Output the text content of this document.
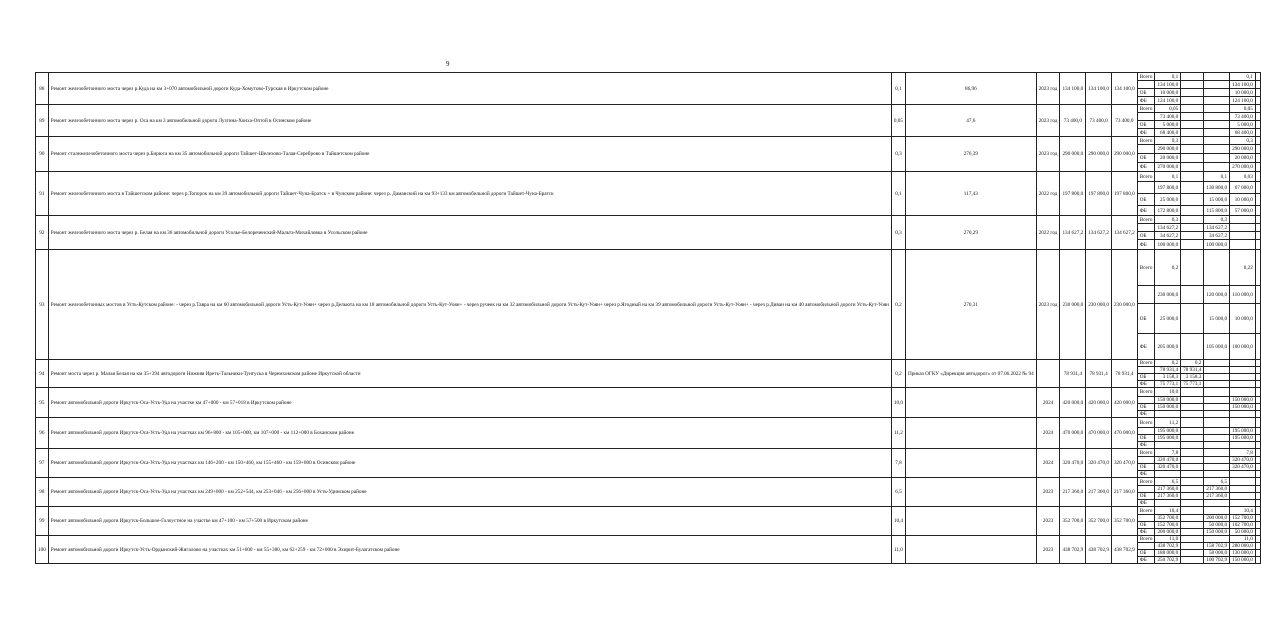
9
88	Ремонт железобетонного моста через р.Куда на км 3+070 автомобильной дороги Куда-Хомутово-Турская в Иркутском районе	0,1	86,96	2023 год	134 100,0	134 100,0	134 100,0	Всего	0,1			0,1	
									134 100,0			134 100,0	
								ОБ	10 000,0			10 000,0	
								ФБ	124 100,0			124 100,0	
89	Ремонт железобетонного моста через р. Оса на км 3 автомобильной дороги Лузгина-Хонха-Оптой в Осинском районе	0,05	47,6	2023 год	73 400,0	73 400,0	73 400,0	Всего	0,05			0,05	
									73 400,0			73 400,0	
								ОБ	5 000,0			5 000,0	
								ФБ	68 400,0			68 400,0	
90	Ремонт сталежелезобетонного моста через р.Бирюса на км 35 автомобильной дороги Тайшет-Шелехово-Талая-Сереброво в Тайшетском районе	0,3	276,39	2023 год	290 000,0	290 000,0	290 000,0	Всего	0,3			0,3	
									290 000,0			290 000,0	
								ОБ	20 000,0			20 000,0	
								ФБ	270 000,0			270 000,0	
91	Ремонт железобетонного моста в Тайшетском районе: через р.Топорок на км 39 автомобильной дороги Тайшет-Чуна-Братск + в Чунском районе: через р. Даманский на км 93+133 км автомобильной дороги Тайшет-Чуна-Братск	0,1	117,43	2022 год	197 800,0	197 800,0	197 800,0	Всего	0,1		0,1	0,03	
									197 800,0		130 800,0	67 000,0	
								ОБ	25 000,0		15 000,0	10 000,0	
								ФБ	172 800,0		115 800,0	57 000,0	
92	Ремонт железобетонного моста через р. Белая на км 36 автомобильной дороги Усолье-Белореченский-Мальта-Михайловка в Усольском районе	0,3	270,29	2022 год	134 627,2	134 627,2	134 627,2	Всего	0,3		0,3		
									134 627,2		134 627,2		
								ОБ	34 627,2		34 627,2		
								ФБ	100 000,0		100 000,0		
93	Ремонт железобетонных мостов в Усть-Кутском районе: - через р.Тавра на км 60 автомобильной дороги Усть-Кут-Уоян+ через р.Дельюта на км 18 автомобильной дороги Усть-Кут-Уоян+ - через ручеек на км 32 автомобильной дороги Усть-Кут-Уоян+ через р.Ягодный на км 39 автомобильной дороги Усть-Кут-Уоян+ - через р.Диван на км 40 автомобильной дороги Усть-Кут-Уоян	0,2	270,31	2023 год	230 000,0	230 000,0	230 000,0	Всего	0,2			0,22	
									230 000,0		120 000,0	110 000,0	
								ОБ	25 000,0		15 000,0	10 000,0	
								ФБ	205 000,0		105 000,0	100 000,0	
94	Ремонт моста через р. Малая Белая на км 35+394 автодороги Нижняя Иреть-Тальники-Тунгуска в Черемховском районе Иркутской области	0,2	Приказ ОГКУ «Дирекция автодорог» от 07.06.2022 № 94		78 931,4	78 931,4	78 931,4	Всего	0,2	0,2			
									78 931,4	78 931,4			
								ОБ	3 158,3	3 158,3			
								ФБ	75 773,1	75 773,1			
95	Ремонт автомобильной дороги Иркутск-Оса-Усть-Уда на участке км 47+000 - км 57+018 в Иркутском районе	10,0		2024	420 000,0	420 000,0	420 000,0	Всего	10,0				
									150 000,0			150 000,0	
								ОБ	150 000,0			150 000,0	
								ФБ					
96	Ремонт автомобильной дороги Иркутск-Оса-Усть-Уда на участках км 96+800 - км 105+000, км 107+000 - км 112+000 в Боханском районе	11,2		2024	470 000,0	470 000,0	470 000,0	Всего	11,2				
									195 000,0			195 000,0	
								ОБ	195 000,0			195 000,0	
								ФБ					
97	Ремонт автомобильной дороги Иркутск-Оса-Усть-Уда на участках км 146+200 - км 150+460, км 155+460 - км 159+000 в Осинском районе	7,8		2024	320 470,0	320 470,0	320 470,0	Всего	7,8			7,8	
									320 470,0			320 470,0	
								ОБ	320 470,0			320 470,0	
								ФБ					
98	Ремонт автомобильной дороги Иркутск-Оса-Усть-Уда на участках км 249+000 - км 252+544, км 253+046 - км 256+000 в Усть-Удинском районе	6,5		2023	217 360,0	217 360,0	217 360,0	Всего	6,5		6,5		
									217 360,0		217 360,0		
								ОБ	217 360,0		217 360,0		
								ФБ					
99	Ремонт автомобильной дороги Иркутск-Большое-Голоустное на участке км 47+100 - км 57+500 в Иркутском районе	10,4		2023	352 700,0	352 700,0	352 700,0	Всего	10,4			10,4	
									352 700,0		200 000,0	152 700,0	
								ОБ	152 700,0		50 000,0	102 700,0	
								ФБ	200 000,0		150 000,0	50 000,0	
100	Ремонт автомобильной дороги Иркутск-Усть-Ордынский-Жигалово на участках км 51+600 - км 55+300, км 62+259 - км 72+000 в Эхирит-Булагатском районе	11,0		2023	438 702,9	438 702,9	438 702,9	Всего	11,0			11,0	
									438 702,9		158 702,9	280 000,0	
								ОБ	188 000,0		58 000,0	130 000,0	
								ФБ	250 702,9		100 702,9	150 000,0	
